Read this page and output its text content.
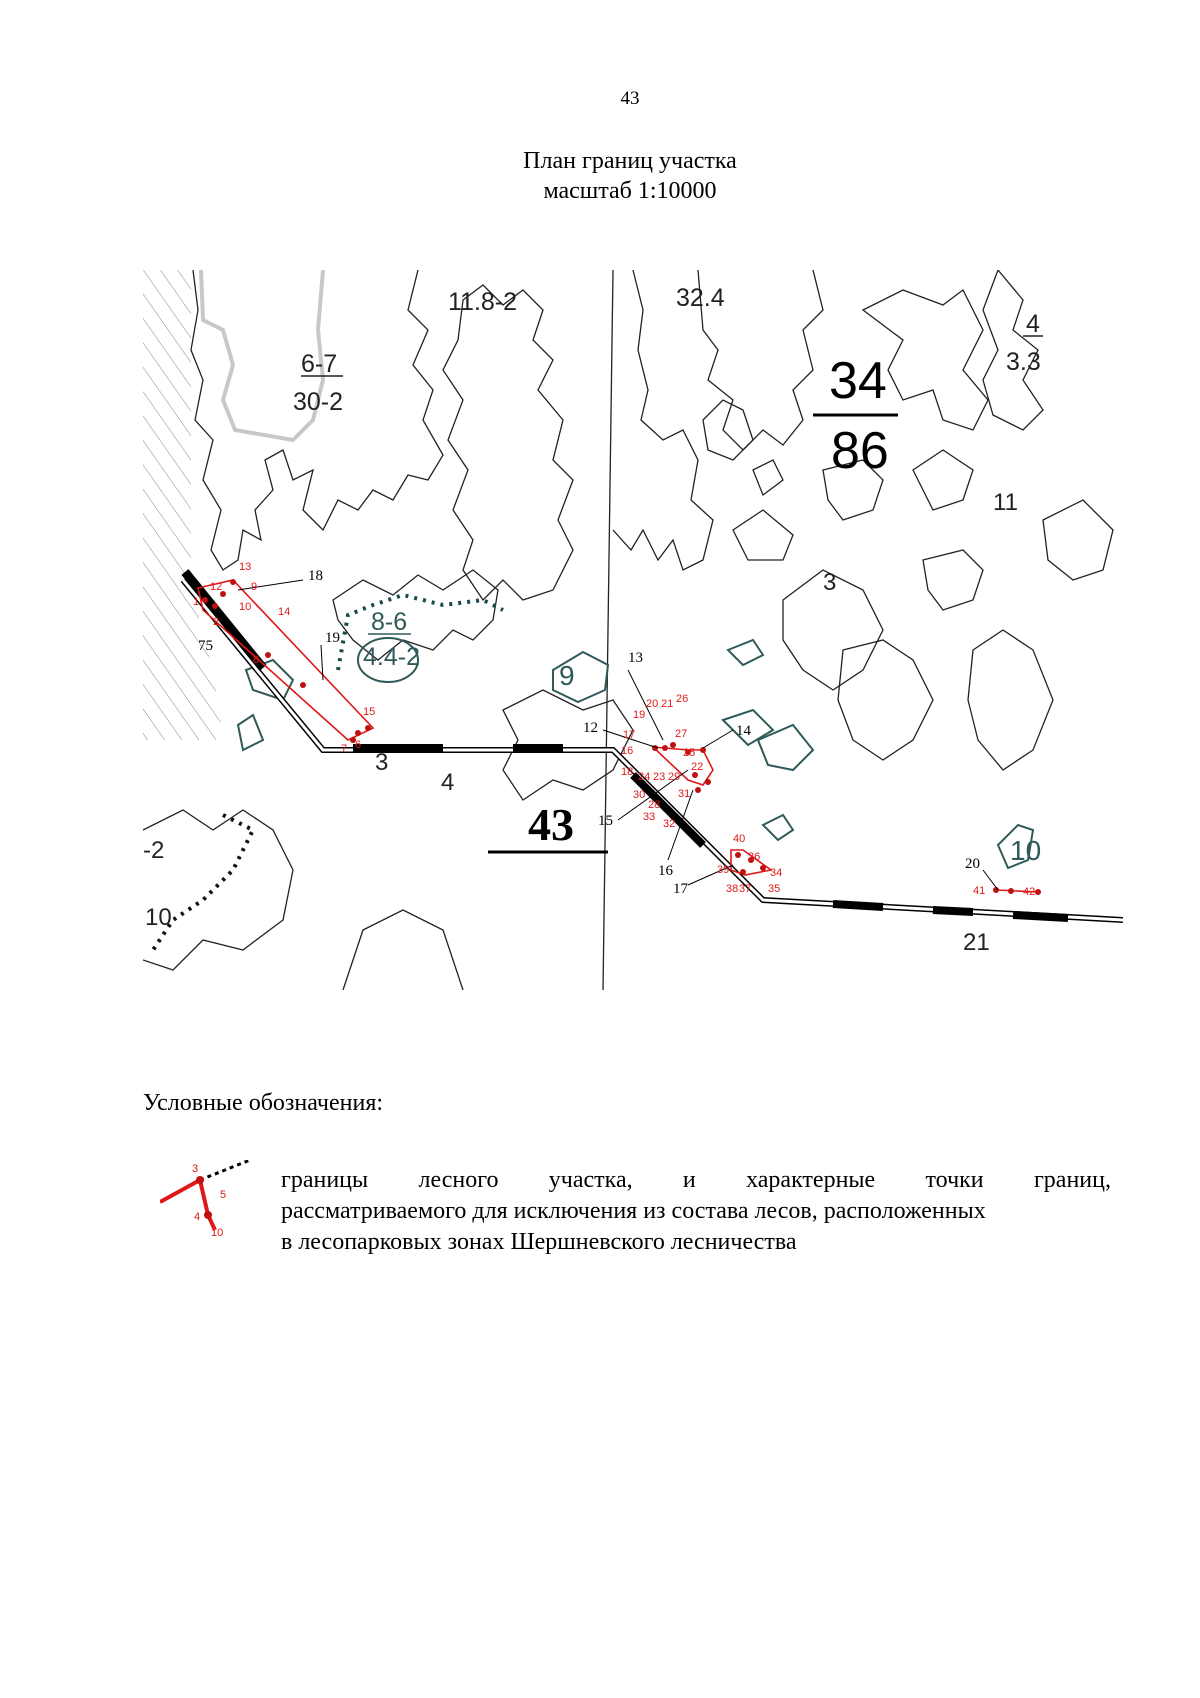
43
План границ участка
масштаб 1:10000
6-7
30-2
4
3.3
8-6
4.4-2
11.8-2	32.4
34
86
43
3
9
11
3
4
10
21
-2
10
18
19
75
13
12	14
15
16
17
20
1
2
12
13
9
10 14
8
15
7 6
19
20 21 26
17
16
27
25
22
18 24 23 29
30
28
31
33
32
40
36
39	34
38 37 35	41	42
Условные обозначения:
3
5
4
10
границы лесного участка, и характерные точки границ,
рассматриваемого для исключения из состава лесов, расположенных
в лесопарковых зонах Шершневского лесничества
